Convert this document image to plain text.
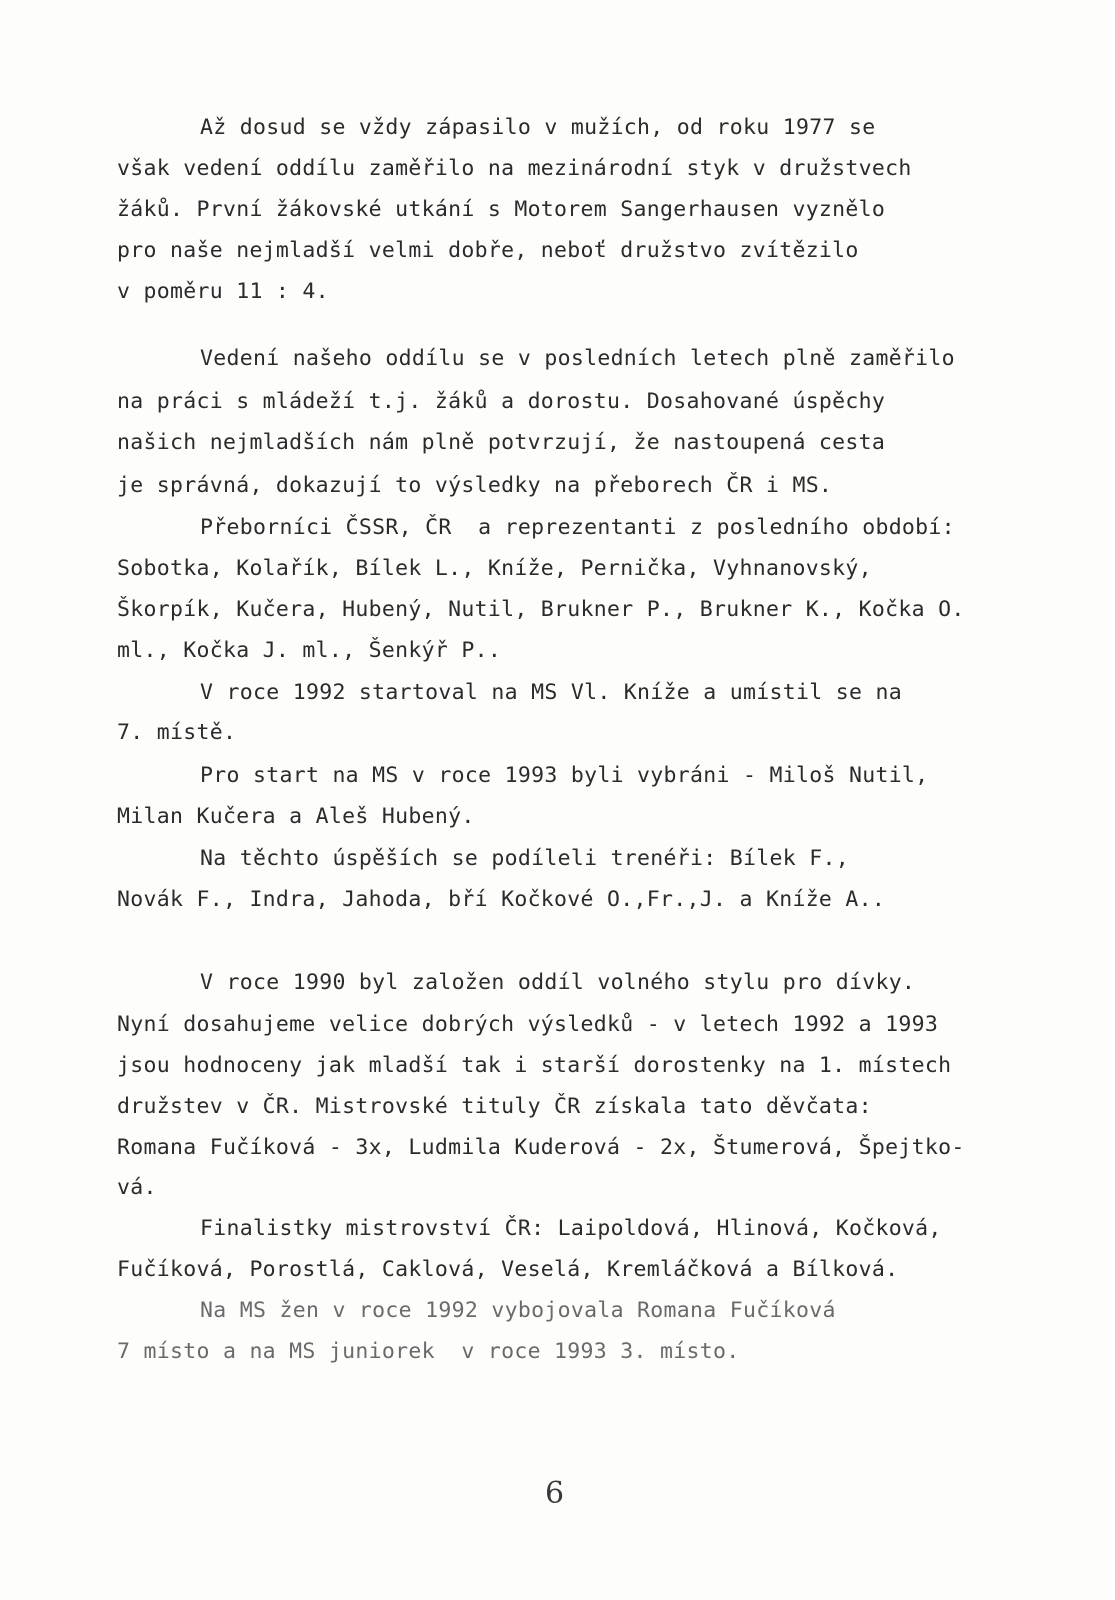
Až dosud se vždy zápasilo v mužích, od roku 1977 se
však vedení oddílu zaměřilo na mezinárodní styk v družstvech
žáků. První žákovské utkání s Motorem Sangerhausen vyznělo
pro naše nejmladší velmi dobře, neboť družstvo zvítězilo
v poměru 11 : 4.
Vedení našeho oddílu se v posledních letech plně zaměřilo
na práci s mládeží t.j. žáků a dorostu. Dosahované úspěchy
našich nejmladších nám plně potvrzují, že nastoupená cesta
je správná, dokazují to výsledky na přeborech ČR i MS.
Přeborníci ČSSR, ČR  a reprezentanti z posledního období:
Sobotka, Kolařík, Bílek L., Kníže, Pernička, Vyhnanovský,
Škorpík, Kučera, Hubený, Nutil, Brukner P., Brukner K., Kočka O.
ml., Kočka J. ml., Šenkýř P..
V roce 1992 startoval na MS Vl. Kníže a umístil se na
7. místě.
Pro start na MS v roce 1993 byli vybráni - Miloš Nutil,
Milan Kučera a Aleš Hubený.
Na těchto úspěších se podíleli trenéři: Bílek F.,
Novák F., Indra, Jahoda, bří Kočkové O.,Fr.,J. a Kníže A..
V roce 1990 byl založen oddíl volného stylu pro dívky.
Nyní dosahujeme velice dobrých výsledků - v letech 1992 a 1993
jsou hodnoceny jak mladší tak i starší dorostenky na 1. místech
družstev v ČR. Mistrovské tituly ČR získala tato děvčata:
Romana Fučíková - 3x, Ludmila Kuderová - 2x, Štumerová, Špejtko-
vá.
Finalistky mistrovství ČR: Laipoldová, Hlinová, Kočková,
Fučíková, Porostlá, Caklová, Veselá, Kremláčková a Bílková.
Na MS žen v roce 1992 vybojovala Romana Fučíková
7 místo a na MS juniorek  v roce 1993 3. místo.
6
